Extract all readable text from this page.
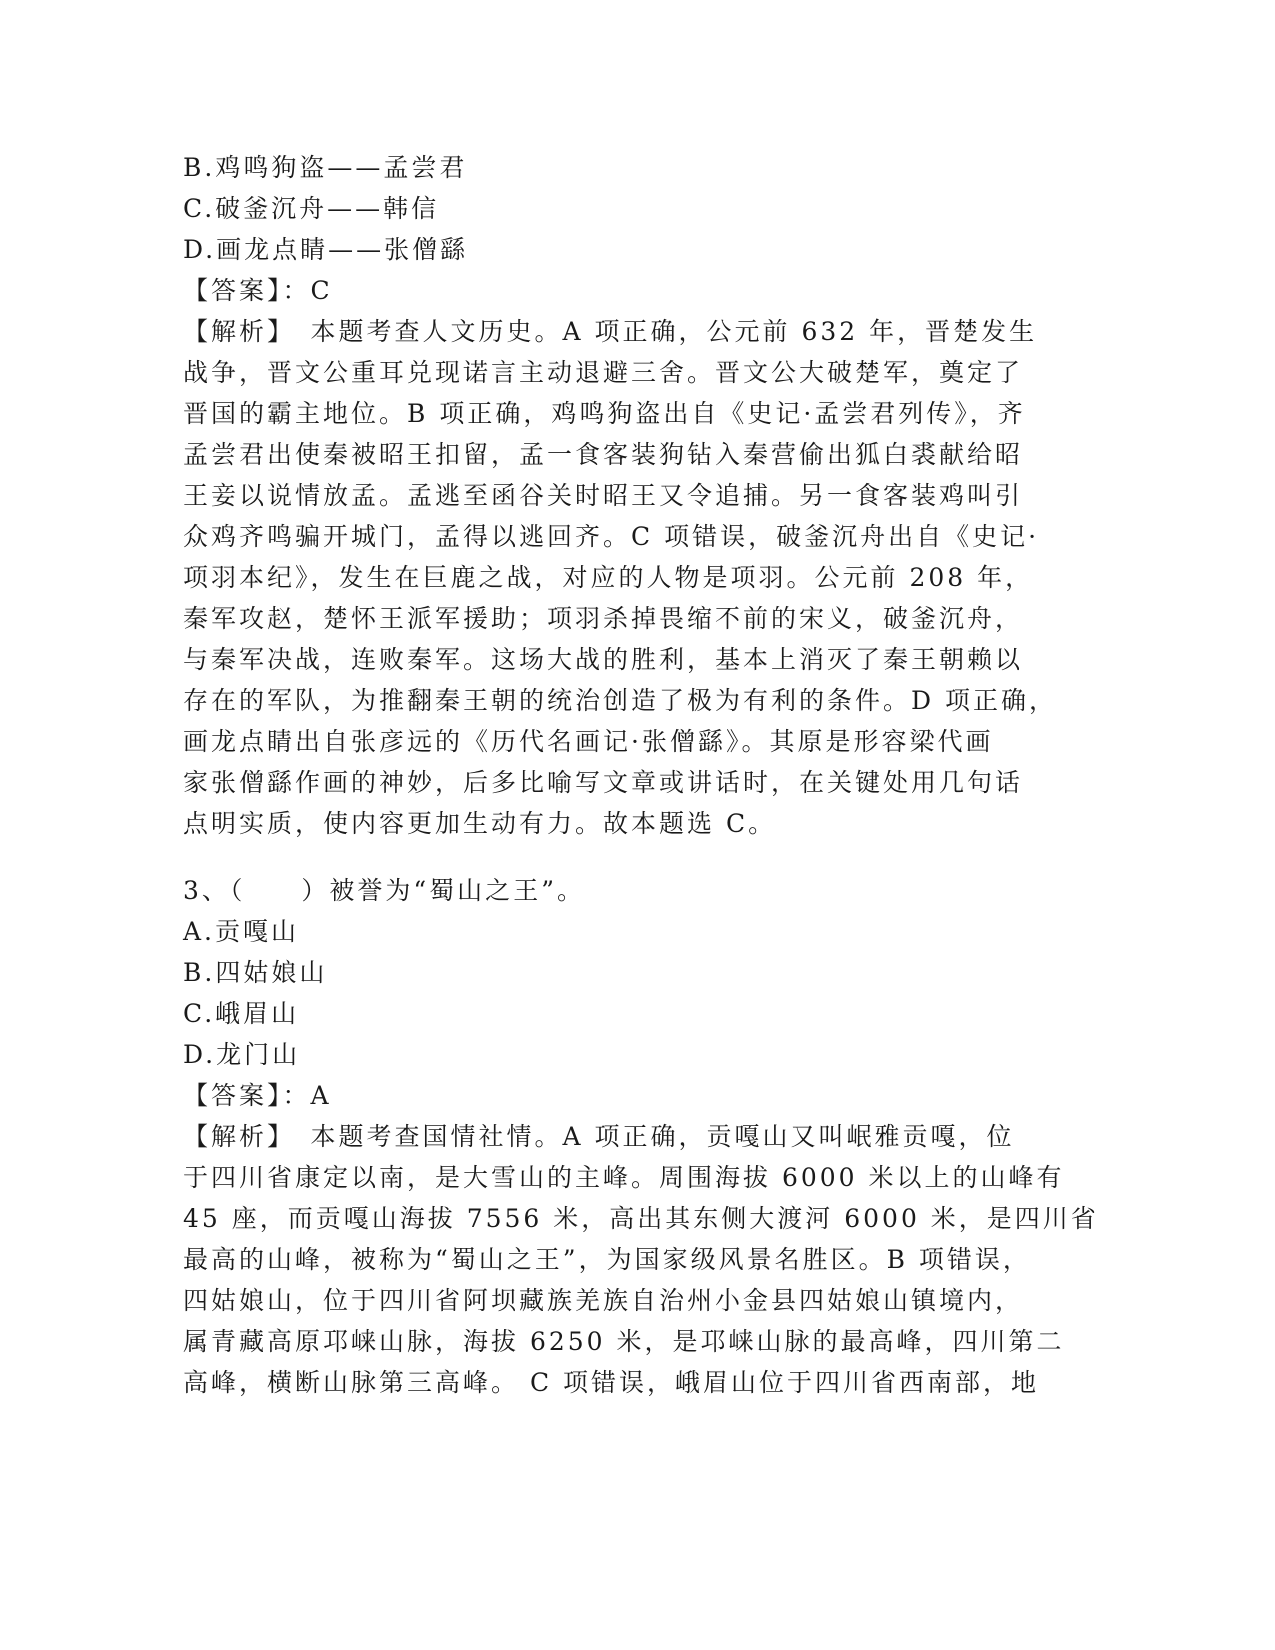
B.鸡鸣狗盗——孟尝君
C.破釜沉舟——韩信
D.画龙点睛——张僧繇
【答案】：C
【解析】　本题考查人文历史。A 项正确，公元前 632 年，晋楚发生
战争，晋文公重耳兑现诺言主动退避三舍。晋文公大破楚军，奠定了
晋国的霸主地位。B 项正确，鸡鸣狗盗出自《史记·孟尝君列传》，齐
孟尝君出使秦被昭王扣留，孟一食客装狗钻入秦营偷出狐白裘献给昭
王妾以说情放孟。孟逃至函谷关时昭王又令追捕。另一食客装鸡叫引
众鸡齐鸣骗开城门，孟得以逃回齐。C 项错误，破釜沉舟出自《史记·
项羽本纪》，发生在巨鹿之战，对应的人物是项羽。公元前 208 年，
秦军攻赵，楚怀王派军援助；项羽杀掉畏缩不前的宋义，破釜沉舟，
与秦军决战，连败秦军。这场大战的胜利，基本上消灭了秦王朝赖以
存在的军队，为推翻秦王朝的统治创造了极为有利的条件。D 项正确，
画龙点睛出自张彦远的《历代名画记·张僧繇》。其原是形容梁代画
家张僧繇作画的神妙，后多比喻写文章或讲话时，在关键处用几句话
点明实质，使内容更加生动有力。故本题选 C。
3、（　　）被誉为“蜀山之王”。
A.贡嘎山
B.四姑娘山
C.峨眉山
D.龙门山
【答案】：A
【解析】　本题考查国情社情。A 项正确，贡嘎山又叫岷雅贡嘎，位
于四川省康定以南，是大雪山的主峰。周围海拔 6000 米以上的山峰有
45 座，而贡嘎山海拔 7556 米，高出其东侧大渡河 6000 米，是四川省
最高的山峰，被称为“蜀山之王”，为国家级风景名胜区。B 项错误，
四姑娘山，位于四川省阿坝藏族羌族自治州小金县四姑娘山镇境内，
属青藏高原邛崃山脉，海拔 6250 米，是邛崃山脉的最高峰，四川第二
高峰，横断山脉第三高峰。 C 项错误，峨眉山位于四川省西南部，地
